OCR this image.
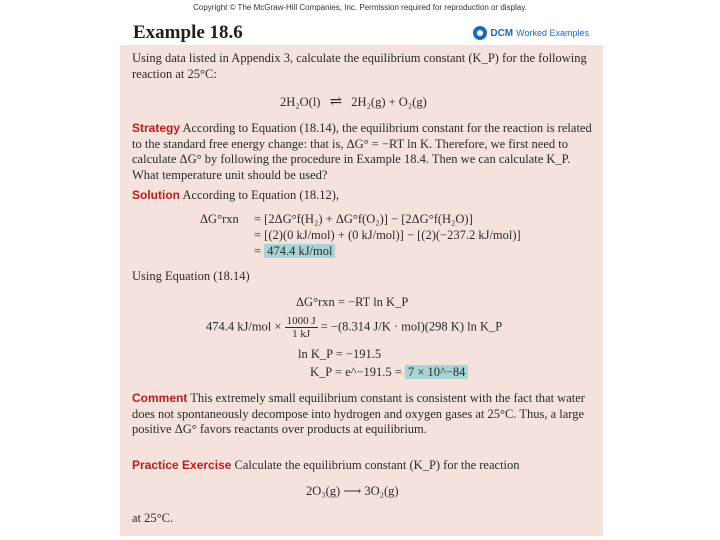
Copyright © The McGraw-Hill Companies, Inc. Permission required for reproduction or display.
Example 18.6	DCM Worked Examples
Using data listed in Appendix 3, calculate the equilibrium constant (K_P) for the following reaction at 25°C:
2H₂O(l) ⇌ 2H₂(g) + O₂(g)
Strategy According to Equation (18.14), the equilibrium constant for the reaction is related to the standard free energy change: that is, ΔG° = −RT ln K. Therefore, we first need to calculate ΔG° by following the procedure in Example 18.4. Then we can calculate K_P. What temperature unit should be used?
Solution According to Equation (18.12),
ΔG°rxn = [2ΔG°f(H₂) + ΔG°f(O₂)] − [2ΔG°f(H₂O)]
= [(2)(0 kJ/mol) + (0 kJ/mol)] − [(2)(−237.2 kJ/mol)]
= 474.4 kJ/mol
Using Equation (18.14)
ΔG°rxn = −RT ln K_P
474.4 $kJ/mol \times \frac{1000 J}{1 kJ} = -(8.314$ J/K · mol)(298 K) ln K_P
ln K_P = −191.5
K_P = e^−191.5 = 7 × 10^−84
Comment This extremely small equilibrium constant is consistent with the fact that water does not spontaneously decompose into hydrogen and oxygen gases at 25°C. Thus, a large positive ΔG° favors reactants over products at equilibrium.
Practice Exercise Calculate the equilibrium constant (K_P) for the reaction
2O₃(g) ⟶ 3O₂(g)
at 25°C.
